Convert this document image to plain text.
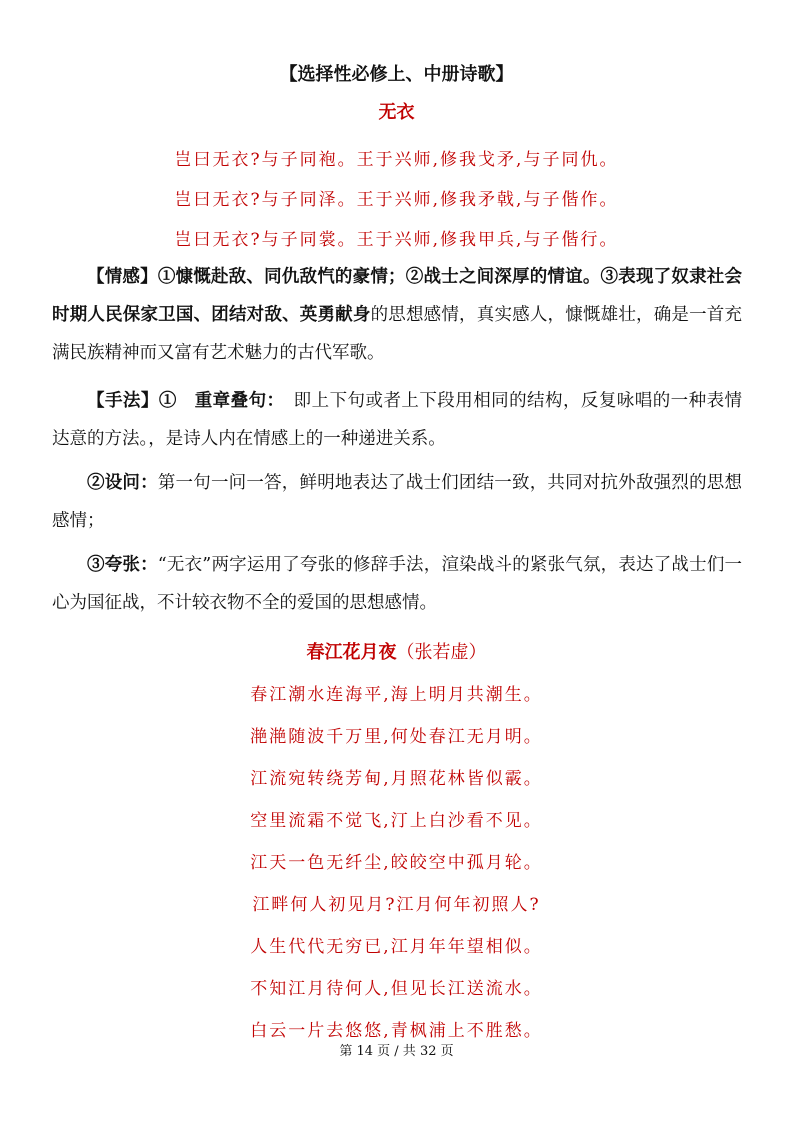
【选择性必修上、中册诗歌】
无衣
岂曰无衣?与子同袍。王于兴师,修我戈矛,与子同仇。
岂曰无衣?与子同泽。王于兴师,修我矛戟,与子偕作。
岂曰无衣?与子同裳。王于兴师,修我甲兵,与子偕行。
【情感】①慷慨赴敌、同仇敌忾的豪情；②战士之间深厚的情谊。③表现了奴隶社会时期人民保家卫国、团结对敌、英勇献身的思想感情，真实感人，慷慨雄壮，确是一首充满民族精神而又富有艺术魅力的古代军歌。
【手法】①　重章叠句：　即上下句或者上下段用相同的结构，反复咏唱的一种表情达意的方法。，是诗人内在情感上的一种递进关系。
②设问：第一句一问一答，鲜明地表达了战士们团结一致，共同对抗外敌强烈的思想感情；
③夸张：“无衣”两字运用了夸张的修辞手法，渲染战斗的紧张气氛，表达了战士们一心为国征战，不计较衣物不全的爱国的思想感情。
春江花月夜（张若虚）
春江潮水连海平,海上明月共潮生。
滟滟随波千万里,何处春江无月明。
江流宛转绕芳甸,月照花林皆似霰。
空里流霜不觉飞,汀上白沙看不见。
江天一色无纤尘,皎皎空中孤月轮。
江畔何人初见月?江月何年初照人?
人生代代无穷已,江月年年望相似。
不知江月待何人,但见长江送流水。
白云一片去悠悠,青枫浦上不胜愁。
第 14 页 / 共 32 页
